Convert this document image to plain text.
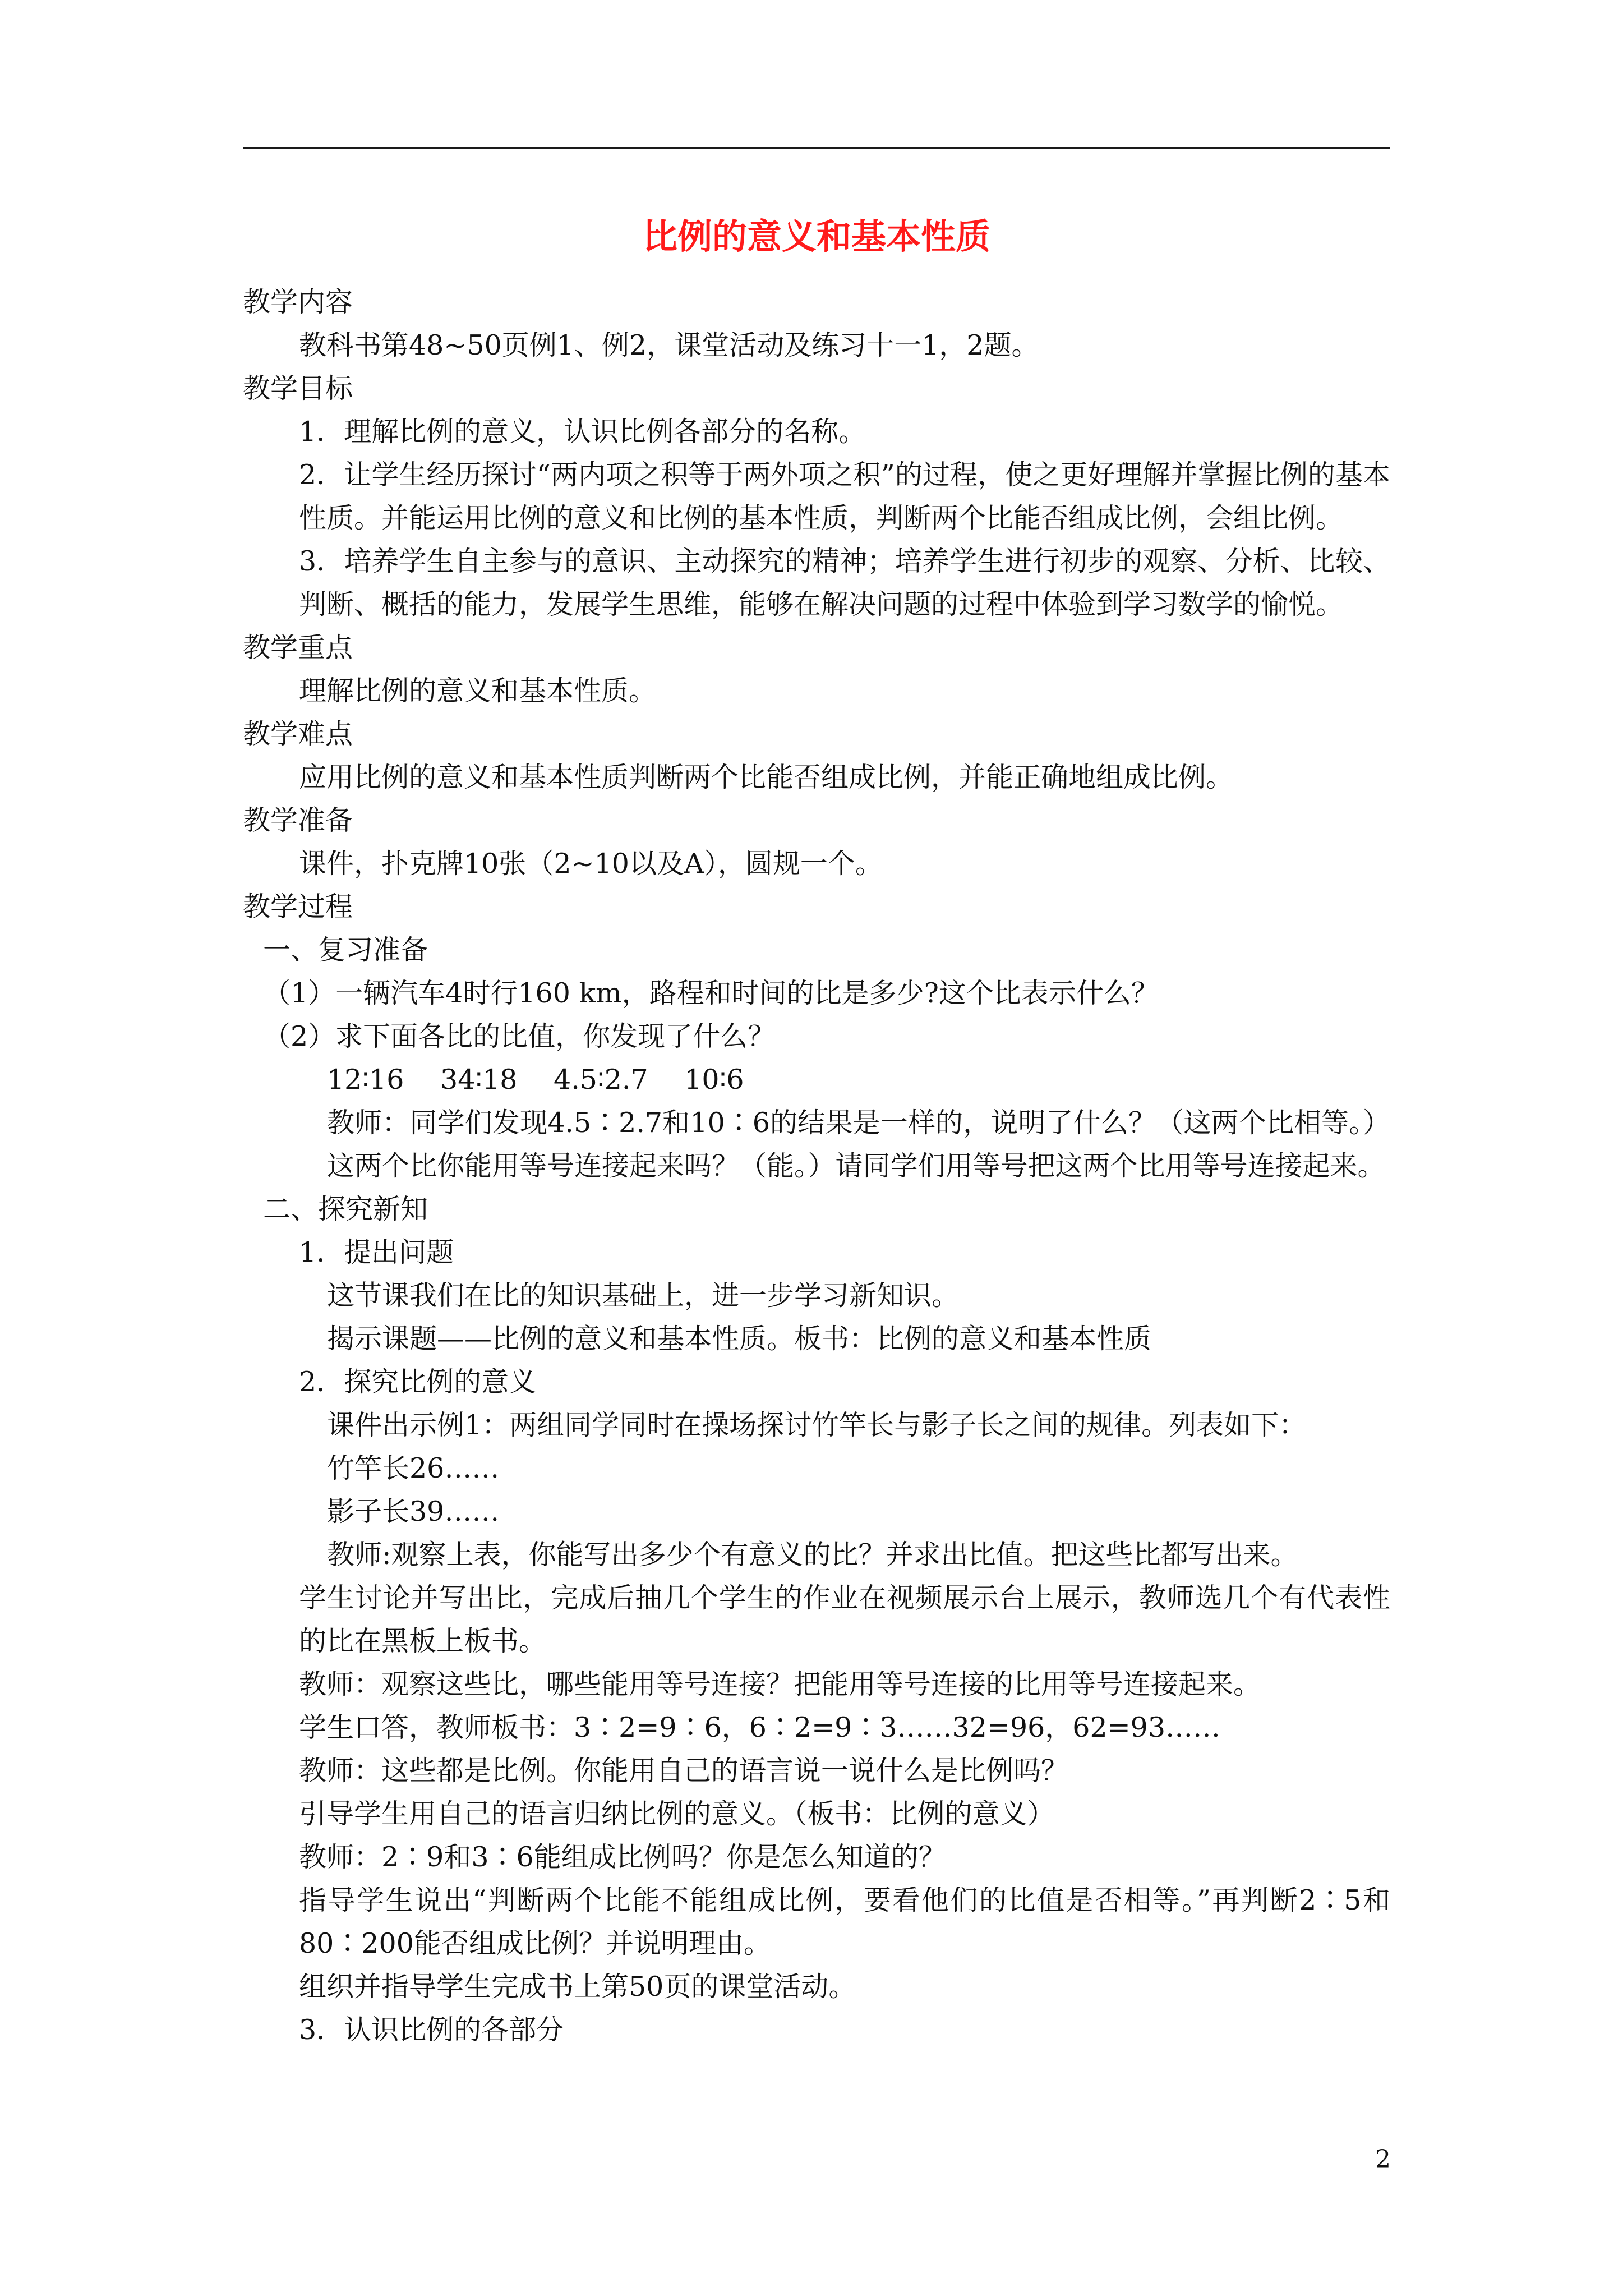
比例的意义和基本性质
教学内容
教科书第48~50页例1、例2，课堂活动及练习十一1，2题。
教学目标
1．理解比例的意义，认识比例各部分的名称。
2．让学生经历探讨“两内项之积等于两外项之积”的过程，使之更好理解并掌握比例的基本性质。并能运用比例的意义和比例的基本性质，判断两个比能否组成比例，会组比例。
3．培养学生自主参与的意识、主动探究的精神；培养学生进行初步的观察、分析、比较、判断、概括的能力，发展学生思维，能够在解决问题的过程中体验到学习数学的愉悦。
教学重点
理解比例的意义和基本性质。
教学难点
应用比例的意义和基本性质判断两个比能否组成比例，并能正确地组成比例。
教学准备
课件，扑克牌10张（2~10以及A），圆规一个。
教学过程
一、复习准备
（1）一辆汽车4时行160 km，路程和时间的比是多少?这个比表示什么？
（2）求下面各比的比值，你发现了什么？
12∶16　 34∶18　 4.5∶2.7　 10∶6
教师：同学们发现4.5∶2.7和10∶6的结果是一样的，说明了什么？（这两个比相等。）这两个比你能用等号连接起来吗？（能。）请同学们用等号把这两个比用等号连接起来。
二、探究新知
1．提出问题
这节课我们在比的知识基础上，进一步学习新知识。
揭示课题——比例的意义和基本性质。板书：比例的意义和基本性质
2．探究比例的意义
课件出示例1：两组同学同时在操场探讨竹竿长与影子长之间的规律。列表如下：
竹竿长26……
影子长39……
教师:观察上表，你能写出多少个有意义的比？并求出比值。把这些比都写出来。
学生讨论并写出比，完成后抽几个学生的作业在视频展示台上展示，教师选几个有代表性的比在黑板上板书。
教师：观察这些比，哪些能用等号连接？把能用等号连接的比用等号连接起来。
学生口答，教师板书：3∶2=9∶6，6∶2=9∶3……32=96，62=93……
教师：这些都是比例。你能用自己的语言说一说什么是比例吗？
引导学生用自己的语言归纳比例的意义。（板书：比例的意义）
教师：2∶9和3∶6能组成比例吗？你是怎么知道的？
指导学生说出“判断两个比能不能组成比例，要看他们的比值是否相等。”再判断2∶5和80∶200能否组成比例？并说明理由。
组织并指导学生完成书上第50页的课堂活动。
3．认识比例的各部分
2
